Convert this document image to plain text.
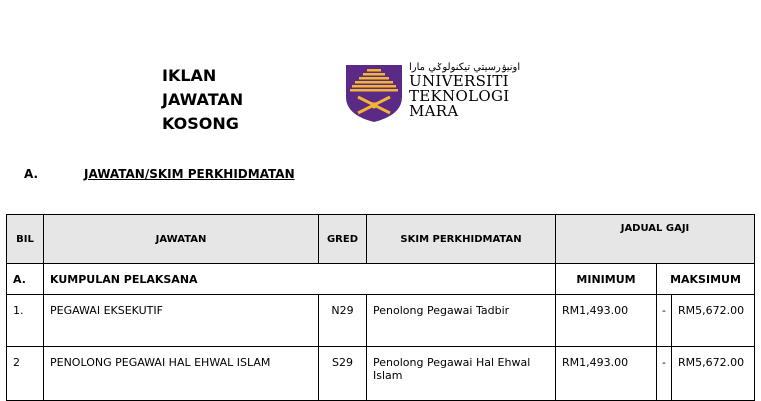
IKLAN
JAWATAN
KOSONG
اونيۏرسيتي تيكنولوݢي مارا
UNIVERSITI
TEKNOLOGI
MARA
A.	JAWATAN/SKIM PERKHIDMATAN
BIL	JAWATAN	GRED	SKIM PERKHIDMATAN	JADUAL GAJI		
A.	KUMPULAN PELAKSANA			MINIMUM	MAKSIMUM	
1.	PEGAWAI EKSEKUTIF	N29	Penolong Pegawai Tadbir	RM1,493.00	-	RM5,672.00
2	PENOLONG PEGAWAI HAL EHWAL ISLAM	S29	Penolong Pegawai Hal Ehwal Islam	RM1,493.00	-	RM5,672.00
